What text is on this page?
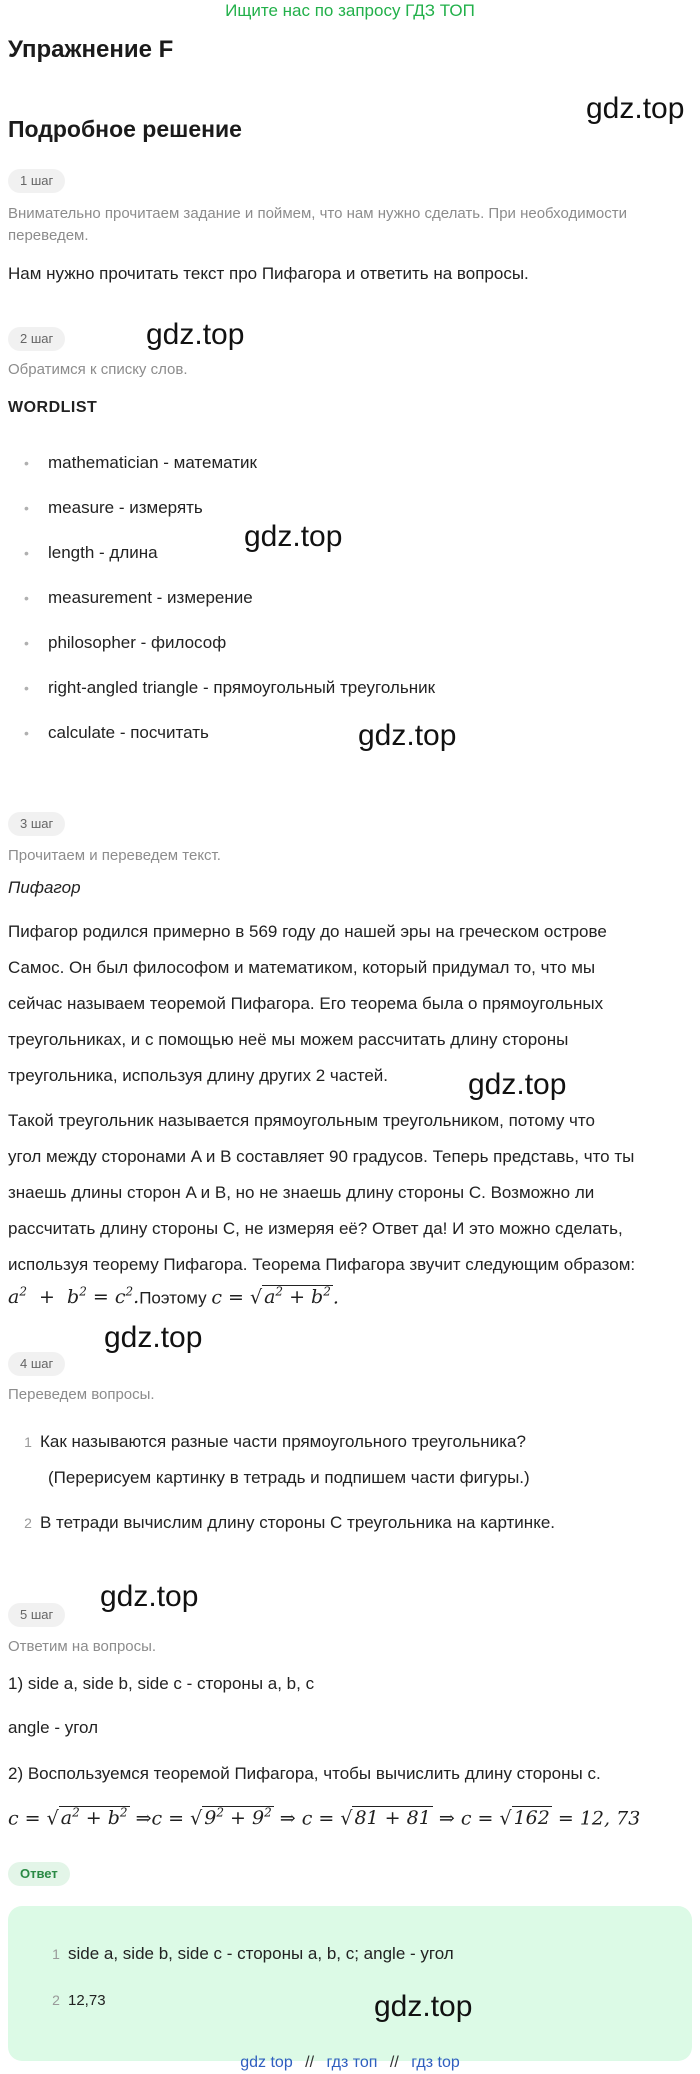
Ищите нас по запросу ГДЗ ТОП
Упражнение F
gdz.top
Подробное решение
1 шаг
Внимательно прочитаем задание и поймем, что нам нужно сделать. При необходимости переведем.
Нам нужно прочитать текст про Пифагора и ответить на вопросы.
2 шаг	gdz.top
Обратимся к списку слов.
WORDLIST
• mathematician - математик
• measure - измерять
• length - длина
• measurement - измерение
• philosopher - философ
• right-angled triangle - прямоугольный треугольник
• calculate - посчитать
gdz.top
gdz.top
3 шаг
Прочитаем и переведем текст.
Пифагор
Пифагор родился примерно в 569 году до нашей эры на греческом острове
Самос. Он был философом и математиком, который придумал то, что мы
сейчас называем теоремой Пифагора. Его теорема была о прямоугольных
треугольниках, и с помощью неё мы можем рассчитать длину стороны
треугольника, используя длину других 2 частей.	gdz.top
Такой треугольник называется прямоугольным треугольником, потому что
угол между сторонами A и B составляет 90 градусов. Теперь представь, что ты
знаешь длины сторон A и B, но не знаешь длину стороны C. Возможно ли
рассчитать длину стороны C, не измеряя её? Ответ да! И это можно сделать,
используя теорему Пифагора. Теорема Пифагора звучит следующим образом:
$a^2 + b^2$ = $c^2.Поэтому$ c = √ $a^2 + b^2$ .
gdz.top
4 шаг
Переведем вопросы.
1 Как называются разные части прямоугольного треугольника?
(Перерисуем картинку в тетрадь и подпишем части фигуры.)
2 В тетради вычислим длину стороны C треугольника на картинке.
gdz.top
5 шаг
Ответим на вопросы.
1) side a, side b, side c - стороны a, b, c
angle - угол
2) Воспользуемся теоремой Пифагора, чтобы вычислить длину стороны c.
c = √ $a^2 + b^2$ ⇒c = √ $9^2 + 9^2$ ⇒ c = √ 81 + 81 ⇒ c = √ 162 = 12, 73
Ответ
1 side a, side b, side c - стороны a, b, c; angle - угол
2 12,73	gdz.top
gdz top // гдз топ // гдз top
